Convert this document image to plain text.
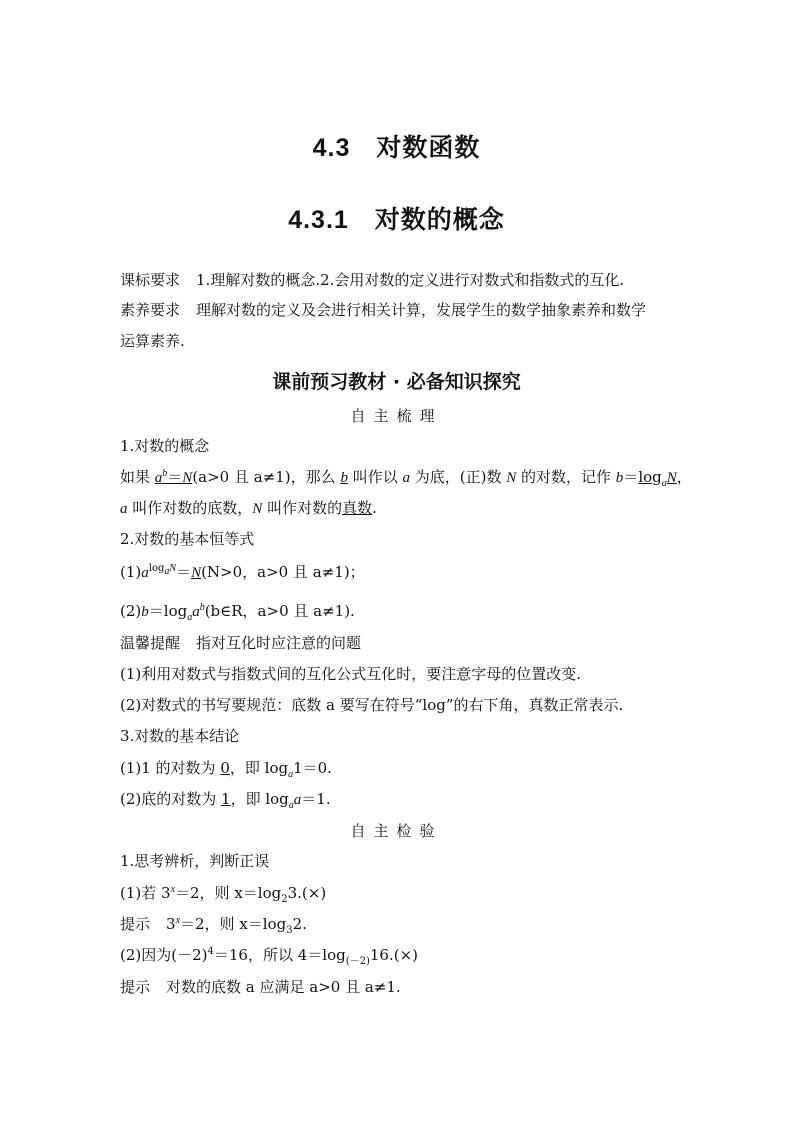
4.3 对数函数
4.3.1 对数的概念
课标要求 1.理解对数的概念.2.会用对数的定义进行对数式和指数式的互化.
素养要求 理解对数的定义及会进行相关计算，发展学生的数学抽象素养和数学
运算素养.
课前预习教材 · 必备知识探究
自主梳理
1.对数的概念
如果 $a^b=N(a>0$ 且 a≠1)，那么 b 叫作以 a 为底，(正)数 N 的对数，记作 $b=\log_aN$，
a 叫作对数的底数，N 叫作对数的真数.
2.对数的基本恒等式
$(1)a^{log_aN}=N(N>0$，a>0 且 a≠1)；
$(2)b=\log_aa^b(b\in R$，a>0 且 a≠1).
温馨提醒 指对互化时应注意的问题
(1)利用对数式与指数式间的互化公式互化时，要注意字母的位置改变.
(2)对数式的书写要规范：底数 a 要写在符号“log”的右下角，真数正常表示.
3.对数的基本结论
(1)1 的对数为 0，即 $\log_a1=0$.
(2)底的对数为 1，即 $\log_aa=1$.
自主检验
1.思考辨析，判断正误
(1)若 $3^x=2$，则 $x=\log_23.(\times)$
提示 $3^x=2$，则 $x=\log_32$.
(2)因为$(-2)^4=16$，所以 $4=\log_{(-2)}16.(\times)$
提示 对数的底数 a 应满足 a>0 且 a≠1.
